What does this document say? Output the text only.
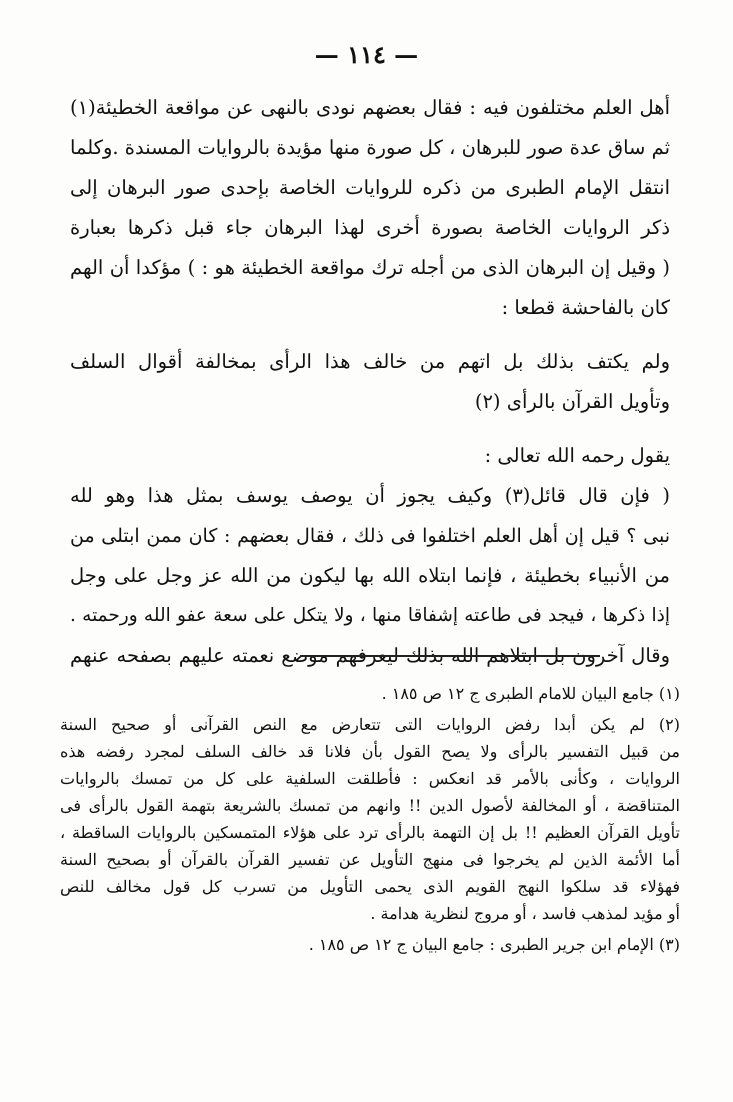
— ١١٤ —
أهل العلم مختلفون فيه : فقال بعضهم نودى بالنهى عن مواقعة الخطيئة(١)
ثم ساق عدة صور للبرهان ، كل صورة منها مؤيدة بالروايات المسندة .وكلما
انتقل الإمام الطبرى من ذكره للروايات الخاصة بإحدى صور البرهان إلى
ذكر الروايات الخاصة بصورة أخرى لهذا البرهان جاء قبل ذكرها بعبارة
( وقيل إن البرهان الذى من أجله ترك مواقعة الخطيئة هو : ) مؤكدا أن الهم
كان بالفاحشة قطعا :
ولم يكتف بذلك بل اتهم من خالف هذا الرأى بمخالفة أقوال السلف
وتأويل القرآن بالرأى (٢)
يقول رحمه الله تعالى :
( فإن قال قائل(٣) وكيف يجوز أن يوصف يوسف بمثل هذا وهو لله
نبى ؟ قيل إن أهل العلم اختلفوا فى ذلك ، فقال بعضهم : كان ممن ابتلى من
من الأنبياء بخطيئة ، فإنما ابتلاه الله بها ليكون من الله عز وجل على وجل
إذا ذكرها ، فيجد فى طاعته إشفاقا منها ، ولا يتكل على سعة عفو الله ورحمته .
وقال آخرون بل ابتلاهم الله بذلك ليعرفهم موضع نعمته عليهم بصفحه عنهم
(١) جامع البيان للامام الطبرى ج ١٢ ص ١٨٥ .
(٢) لم يكن أبدا رفض الروايات التى تتعارض مع النص القرآنى أو صحيح السنة
من قبيل التفسير بالرأى ولا يصح القول بأن فلانا قد خالف السلف لمجرد رفضه هذه
الروايات ، وكأنى بالأمر قد انعكس : فأطلقت السلفية على كل من تمسك بالروايات
المتناقضة ، أو المخالفة لأصول الدين !! وانهم من تمسك بالشريعة بتهمة القول بالرأى فى
تأويل القرآن العظيم !! بل إن التهمة بالرأى ترد على هؤلاء المتمسكين بالروايات الساقطة ،
أما الأئمة الذين لم يخرجوا فى منهج التأويل عن تفسير القرآن بالقرآن أو بصحيح السنة
فهؤلاء قد سلكوا النهج القويم الذى يحمى التأويل من تسرب كل قول مخالف للنص
أو مؤيد لمذهب فاسد ، أو مروج لنظرية هدامة .
(٣) الإمام ابن جرير الطبرى : جامع البيان ج ١٢ ص ١٨٥ .
